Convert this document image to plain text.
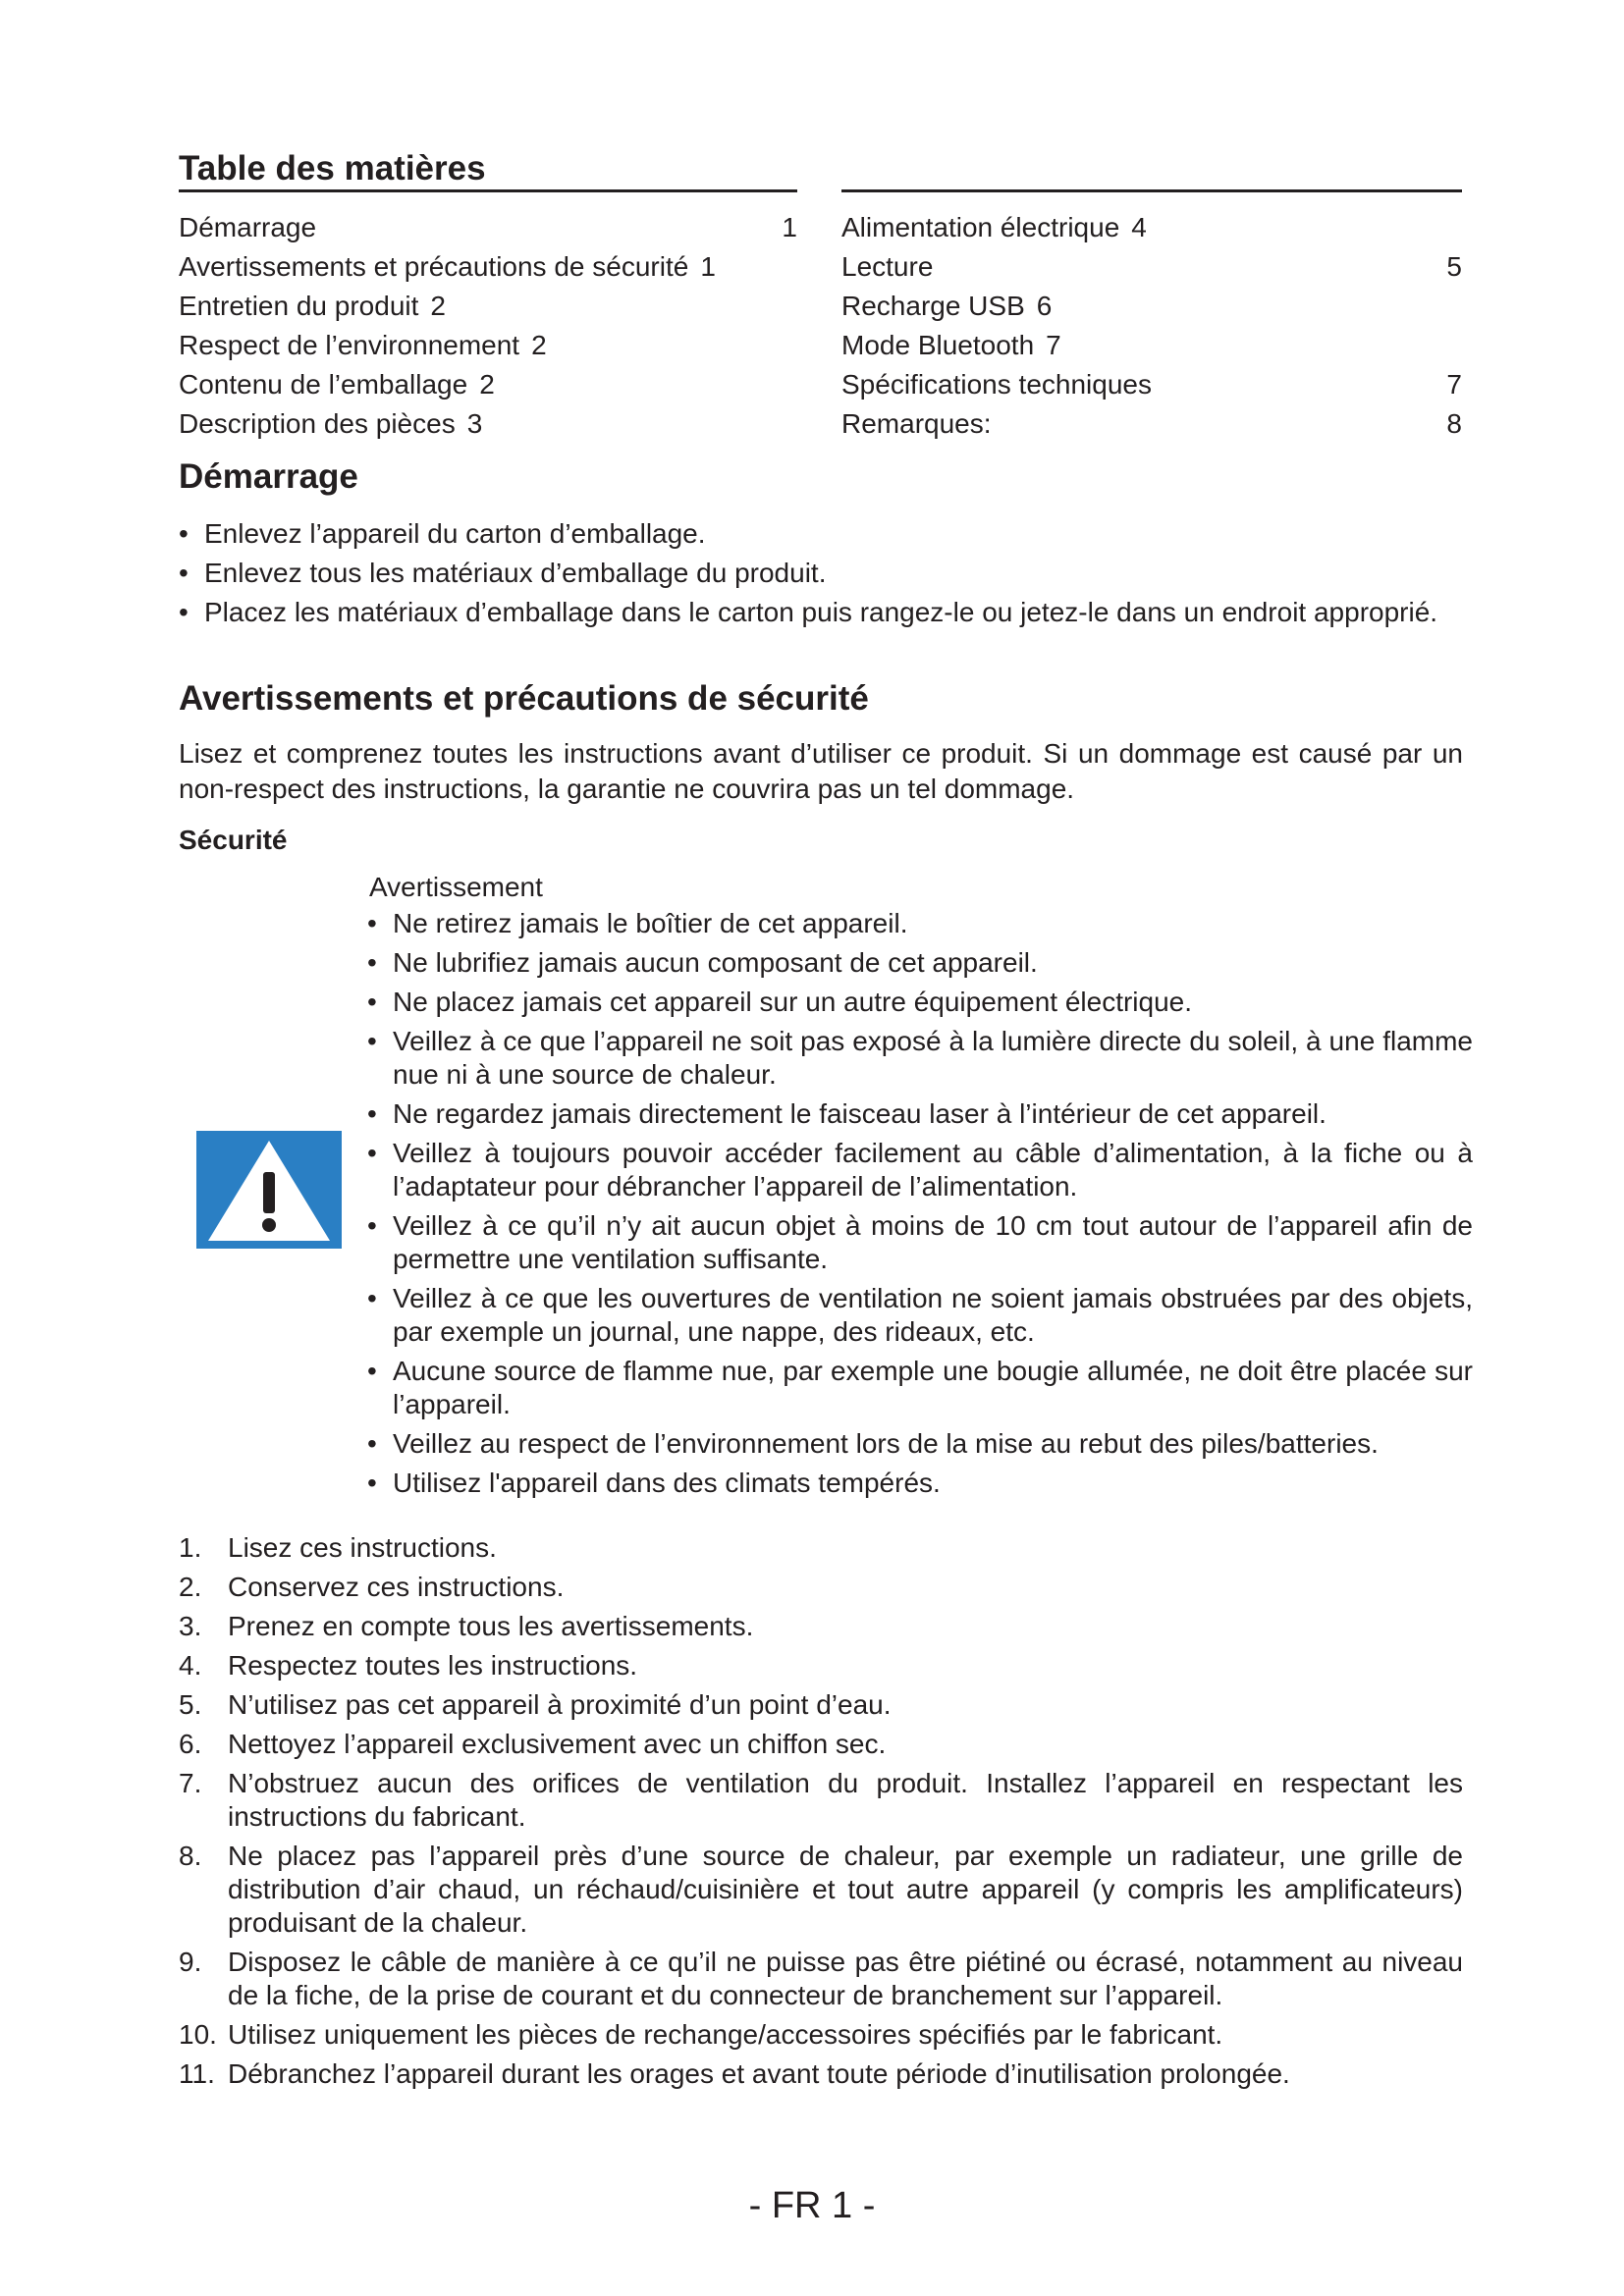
Table des matières
Démarrage	1
Avertissements et précautions de sécurité 1
Entretien du produit 2
Respect de l’environnement 2
Contenu de l’emballage 2
Description des pièces 3
Alimentation électrique 4
Lecture	5
Recharge USB 6
Mode Bluetooth 7
Spécifications techniques	7
Remarques:	8
Démarrage
• Enlevez l’appareil du carton d’emballage.
• Enlevez tous les matériaux d’emballage du produit.
• Placez les matériaux d’emballage dans le carton puis rangez-le ou jetez-le dans un endroit approprié.
Avertissements et précautions de sécurité

Lisez et comprenez toutes les instructions avant d’utiliser ce produit. Si un dommage est causé par un non-respect des instructions, la garantie ne couvrira pas un tel dommage.

Sécurité

Avertissement

• Ne retirez jamais le boîtier de cet appareil.
• Ne lubrifiez jamais aucun composant de cet appareil.
• Ne placez jamais cet appareil sur un autre équipement électrique.
• Veillez à ce que l’appareil ne soit pas exposé à la lumière directe du soleil, à une flamme nue ni à une source de chaleur.
• Ne regardez jamais directement le faisceau laser à l’intérieur de cet appareil.
• Veillez à toujours pouvoir accéder facilement au câble d’alimentation, à la fiche ou à l’adaptateur pour débrancher l’appareil de l’alimentation.
• Veillez à ce qu’il n’y ait aucun objet à moins de 10 cm tout autour de l’appareil afin de permettre une ventilation suffisante.
• Veillez à ce que les ouvertures de ventilation ne soient jamais obstruées par des objets, par exemple un journal, une nappe, des rideaux, etc.
• Aucune source de flamme nue, par exemple une bougie allumée, ne doit être placée sur l’appareil.
• Veillez au respect de l’environnement lors de la mise au rebut des piles/batteries.
• Utilisez l'appareil dans des climats tempérés.
1. Lisez ces instructions.
2. Conservez ces instructions.
3. Prenez en compte tous les avertissements.
4. Respectez toutes les instructions.
5. N’utilisez pas cet appareil à proximité d’un point d’eau.
6. Nettoyez l’appareil exclusivement avec un chiffon sec.
7. N’obstruez aucun des orifices de ventilation du produit. Installez l’appareil en respectant les instructions du fabricant.
8. Ne placez pas l’appareil près d’une source de chaleur, par exemple un radiateur, une grille de distribution d’air chaud, un réchaud/cuisinière et tout autre appareil (y compris les amplificateurs) produisant de la chaleur.
9. Disposez le câble de manière à ce qu’il ne puisse pas être piétiné ou écrasé, notamment au niveau de la fiche, de la prise de courant et du connecteur de branchement sur l’appareil.
10. Utilisez uniquement les pièces de rechange/accessoires spécifiés par le fabricant.
11. Débranchez l’appareil durant les orages et avant toute période d’inutilisation prolongée.

- FR 1 -
